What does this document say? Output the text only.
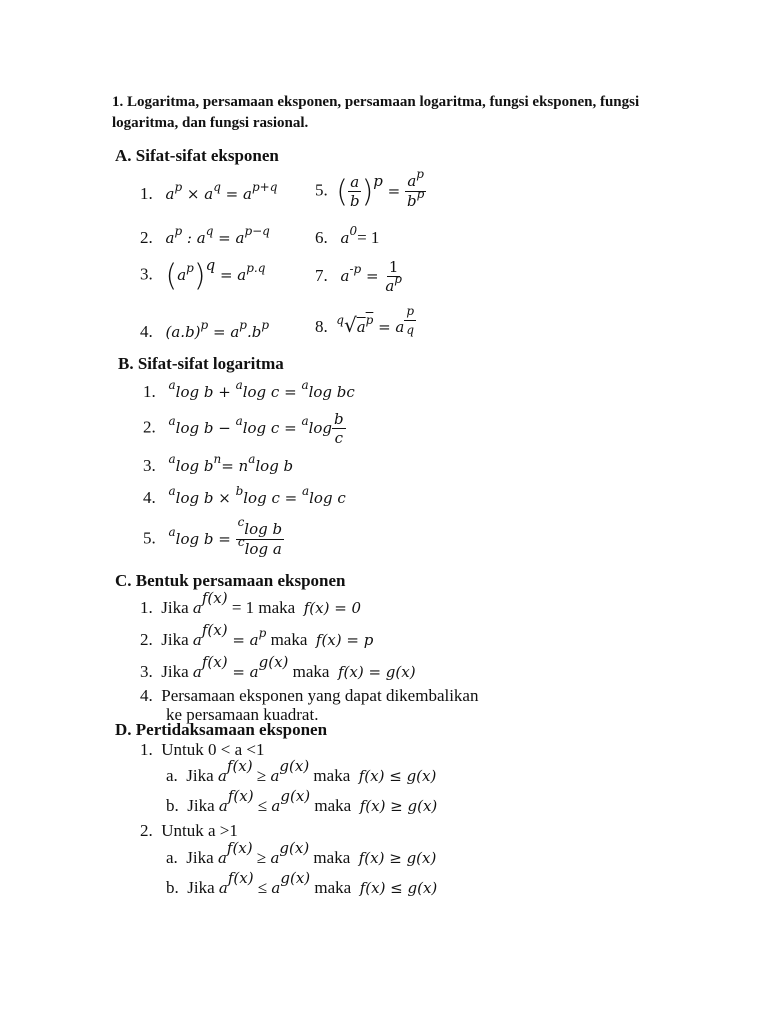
1. Logaritma, persamaan eksponen, persamaan logaritma, fungsi eksponen, fungsi logaritma, dan fungsi rasional.
A. Sifat-sifat eksponen
1. $a^p \times a^q = a^{p+q}$
2. $a^p$ : $a^q = a^{p-q}$
3. $(a^p)q = a^{p.q}$
4. $(a.b)^p = a^p.b^p$
5. ( $\frac{a}{b} )p = \frac{a^p}{b^p}$
6. $a^0= 1$
7. $a^{-p} = \frac{1}{a^p}$
8. $^q√a^p = a$ $^{\frac{p}{q}}$
B. Sifat-sifat logaritma
1. $^a$log b + $^a$log c = $^a$log bc
2. $^a$log b − $^a$log $c = ^a\log \frac{b}{c}$
3. $^a$log $b^n= n^a\log$ b
4. $^a$log b × $^b$log c = $^a$log c
5. $^a$log $b = \frac{^c\log b}{^c\log a}$
C. Bentuk persamaan eksponen
1. Jika af(x) = 1 maka f(x) = 0
2. Jika $af(x) = a^p$ maka f(x) = p
3. Jika af(x) = ag(x) maka f(x) = g(x)
4. Persamaan eksponen yang dapat dikembalikan
ke persamaan kuadrat.
D. Pertidaksamaan eksponen
1. Untuk 0 < a <1
a. Jika af(x) ≥ ag(x) maka f(x) ≤ g(x)
b. Jika af(x) ≤ ag(x) maka f(x) ≥ g(x)
2. Untuk a >1
a. Jika af(x) ≥ ag(x) maka f(x) ≥ g(x)
b. Jika af(x) ≤ ag(x) maka f(x) ≤ g(x)
